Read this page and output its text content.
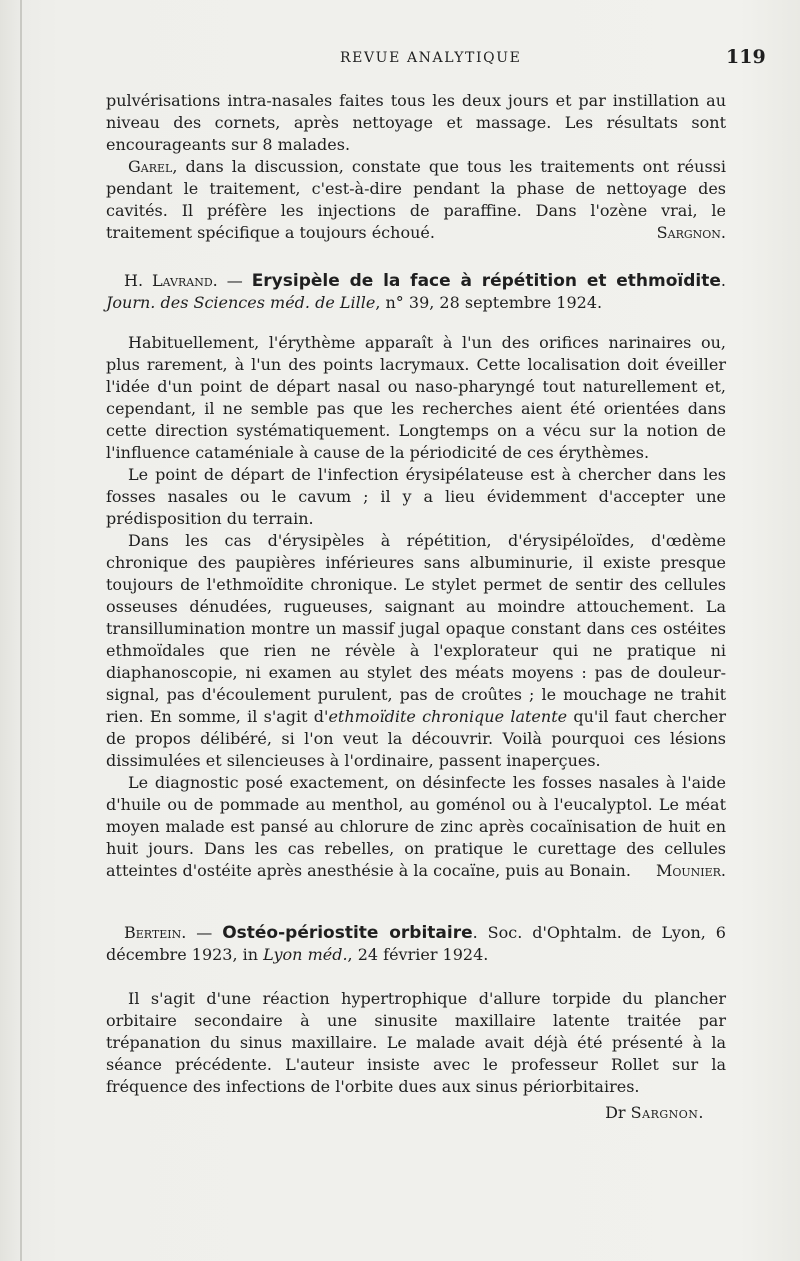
REVUE ANALYTIQUE	119

pulvérisations intra-nasales faites tous les deux jours et par instillation au niveau des cornets, après nettoyage et massage. Les résultats sont encourageants sur 8 malades.

Garel, dans la discussion, constate que tous les traitements ont réussi pendant le traitement, c'est-à-dire pendant la phase de nettoyage des cavités. Il préfère les injections de paraffine. Dans l'ozène vrai, le traitement spécifique a toujours échoué.	Sargnon.

H. Lavrand. — Erysipèle de la face à répétition et ethmoïdite. Journ. des Sciences méd. de Lille, n° 39, 28 septembre 1924.

Habituellement, l'érythème apparaît à l'un des orifices narinaires ou, plus rarement, à l'un des points lacrymaux. Cette localisation doit éveiller l'idée d'un point de départ nasal ou naso-pharyngé tout naturellement et, cependant, il ne semble pas que les recherches aient été orientées dans cette direction systématiquement. Longtemps on a vécu sur la notion de l'influence cataméniale à cause de la périodicité de ces érythèmes.

Le point de départ de l'infection érysipélateuse est à chercher dans les fosses nasales ou le cavum ; il y a lieu évidemment d'accepter une prédisposition du terrain.

Dans les cas d'érysipèles à répétition, d'érysipéloïdes, d'œdème chronique des paupières inférieures sans albuminurie, il existe presque toujours de l'ethmoïdite chronique. Le stylet permet de sentir des cellules osseuses dénudées, rugueuses, saignant au moindre attouchement. La transillumination montre un massif jugal opaque constant dans ces ostéites ethmoïdales que rien ne révèle à l'explorateur qui ne pratique ni diaphanoscopie, ni examen au stylet des méats moyens : pas de douleur-signal, pas d'écoulement purulent, pas de croûtes ; le mouchage ne trahit rien. En somme, il s'agit d'ethmoïdite chronique latente qu'il faut chercher de propos délibéré, si l'on veut la découvrir. Voilà pourquoi ces lésions dissimulées et silencieuses à l'ordinaire, passent inaperçues.

Le diagnostic posé exactement, on désinfecte les fosses nasales à l'aide d'huile ou de pommade au menthol, au goménol ou à l'eucalyptol. Le méat moyen malade est pansé au chlorure de zinc après cocaïnisation de huit en huit jours. Dans les cas rebelles, on pratique le curettage des cellules atteintes d'ostéite après anesthésie à la cocaïne, puis au Bonain.	Mounier.

Bertein. — Ostéo-périostite orbitaire. Soc. d'Ophtalm. de Lyon, 6 décembre 1923, in Lyon méd., 24 février 1924.

Il s'agit d'une réaction hypertrophique d'allure torpide du plancher orbitaire secondaire à une sinusite maxillaire latente traitée par trépanation du sinus maxillaire. Le malade avait déjà été présenté à la séance précédente. L'auteur insiste avec le professeur Rollet sur la fréquence des infections de l'orbite dues aux sinus périorbitaires.

Dr Sargnon.
